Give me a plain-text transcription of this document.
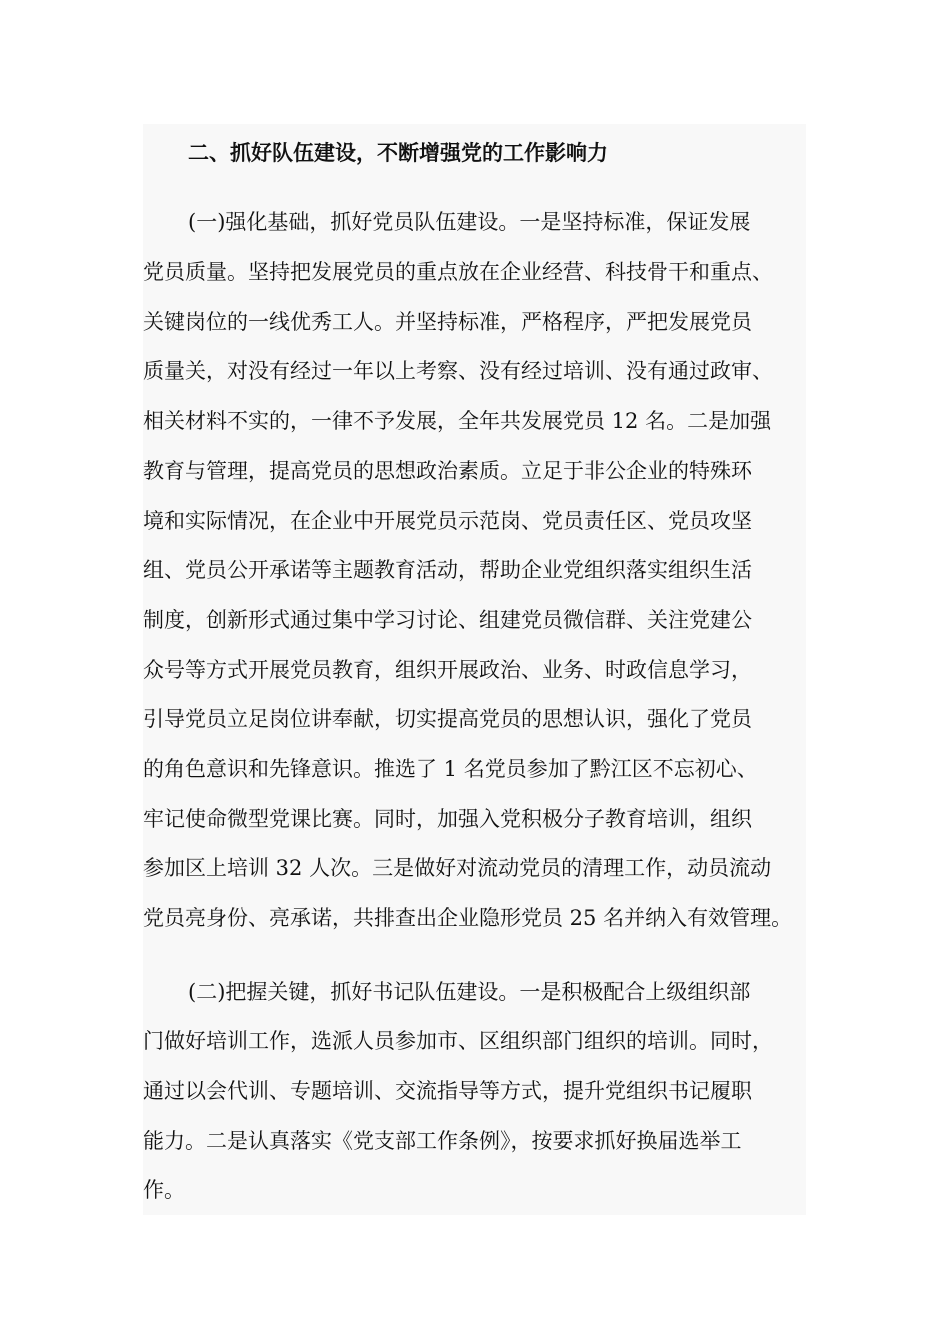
二、抓好队伍建设，不断增强党的工作影响力

(一)强化基础，抓好党员队伍建设。一是坚持标准，保证发展

党员质量。坚持把发展党员的重点放在企业经营、科技骨干和重点、

关键岗位的一线优秀工人。并坚持标准，严格程序，严把发展党员

质量关，对没有经过一年以上考察、没有经过培训、没有通过政审、

相关材料不实的，一律不予发展，全年共发展党员 12 名。二是加强

教育与管理，提高党员的思想政治素质。立足于非公企业的特殊环

境和实际情况，在企业中开展党员示范岗、党员责任区、党员攻坚

组、党员公开承诺等主题教育活动，帮助企业党组织落实组织生活

制度，创新形式通过集中学习讨论、组建党员微信群、关注党建公

众号等方式开展党员教育，组织开展政治、业务、时政信息学习，

引导党员立足岗位讲奉献，切实提高党员的思想认识，强化了党员

的角色意识和先锋意识。推选了 1 名党员参加了黔江区不忘初心、

牢记使命微型党课比赛。同时，加强入党积极分子教育培训，组织

参加区上培训 32 人次。三是做好对流动党员的清理工作，动员流动

党员亮身份、亮承诺，共排查出企业隐形党员 25 名并纳入有效管理。

(二)把握关键，抓好书记队伍建设。一是积极配合上级组织部

门做好培训工作，选派人员参加市、区组织部门组织的培训。同时，

通过以会代训、专题培训、交流指导等方式，提升党组织书记履职

能力。二是认真落实《党支部工作条例》，按要求抓好换届选举工

作。
